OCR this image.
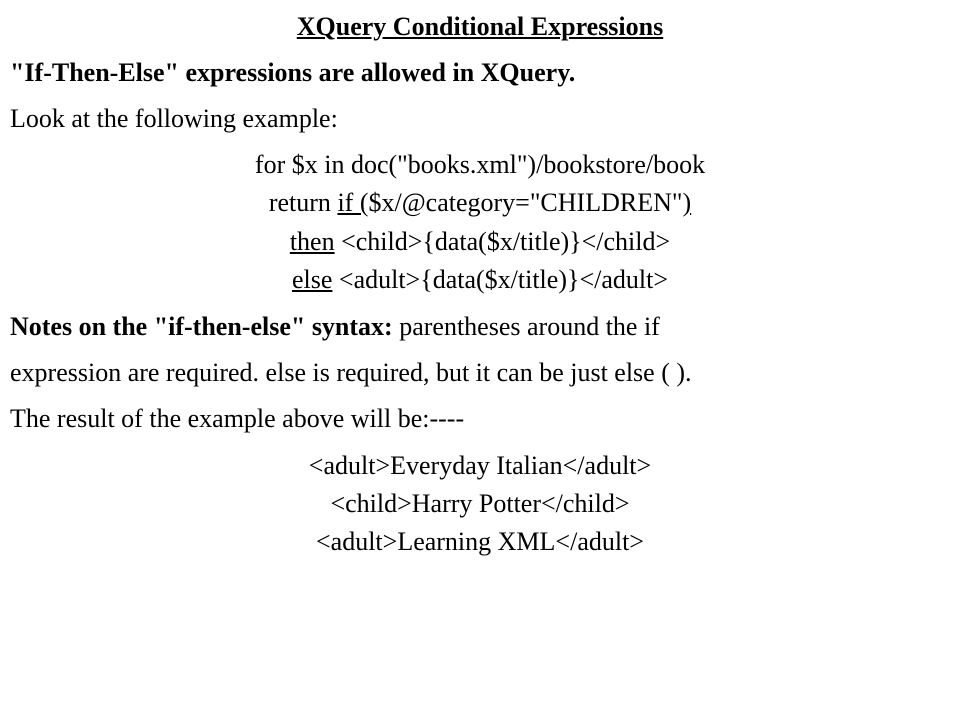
XQuery Conditional Expressions
"If-Then-Else" expressions are allowed in XQuery.
Look at the following example:
for $x in doc("books.xml")/bookstore/book
return if ($x/@category="CHILDREN")
then <child>{data($x/title)}</child>
else <adult>{data($x/title)}</adult>
Notes on the "if-then-else" syntax: parentheses around the if
expression are required. else is required, but it can be just else ( ).
The result of the example above will be:----
<adult>Everyday Italian</adult>
<child>Harry Potter</child>
<adult>Learning XML</adult>
